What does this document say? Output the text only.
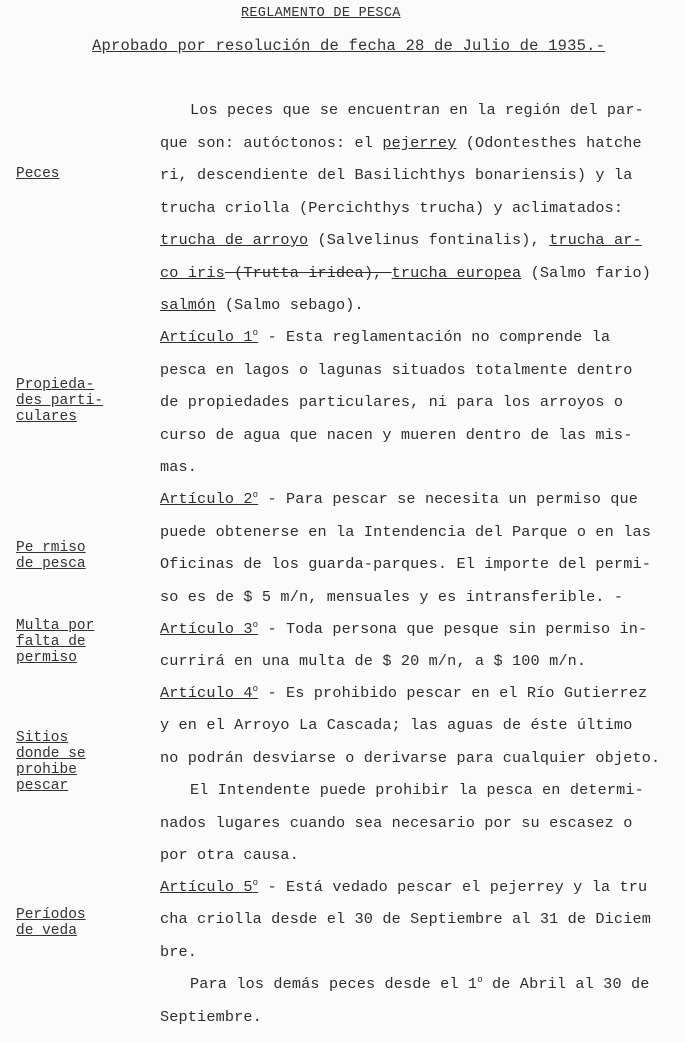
REGLAMENTO DE PESCA
Aprobado por resolución de fecha 28 de Julio de 1935.-
Peces
Propieda-
des parti-
culares
Pe rmiso
de pesca
Multa por
falta de
permiso
Sitios
donde se
prohibe
pescar
Períodos
de veda
Los peces que se encuentran en la región del par-
que son: autóctonos: el pejerrey (Odontesthes hatche
ri, descendiente del Basilichthys bonariensis) y la
trucha criolla (Percichthys trucha) y aclimatados:
trucha de arroyo (Salvelinus fontinalis), trucha ar-
co iris (Trutta iridea), trucha europea (Salmo fario)
salmón (Salmo sebago).
Artículo 1$^o$ - Esta reglamentación no comprende la
pesca en lagos o lagunas situados totalmente dentro
de propiedades particulares, ni para los arroyos o
curso de agua que nacen y mueren dentro de las mis-
mas.
Artículo 2$^o$ - Para pescar se necesita un permiso que
puede obtenerse en la Intendencia del Parque o en las
Oficinas de los guarda-parques. El importe del permi-
so es de $ 5 m/n, mensuales y es intransferible. -
Artículo 3$^o$ - Toda persona que pesque sin permiso in-
currirá en una multa de $ 20 m/n, a $ 100 m/n.
Artículo 4$^o$ - Es prohibido pescar en el Río Gutierrez
y en el Arroyo La Cascada; las aguas de éste último
no podrán desviarse o derivarse para cualquier objeto.
El Intendente puede prohibir la pesca en determi-
nados lugares cuando sea necesario por su escasez o
por otra causa.
Artículo 5$^o$ - Está vedado pescar el pejerrey y la tru
cha criolla desde el 30 de Septiembre al 31 de Diciem
bre.
Para los demás peces desde el 1$^o$ de Abril al 30 de
Septiembre.
